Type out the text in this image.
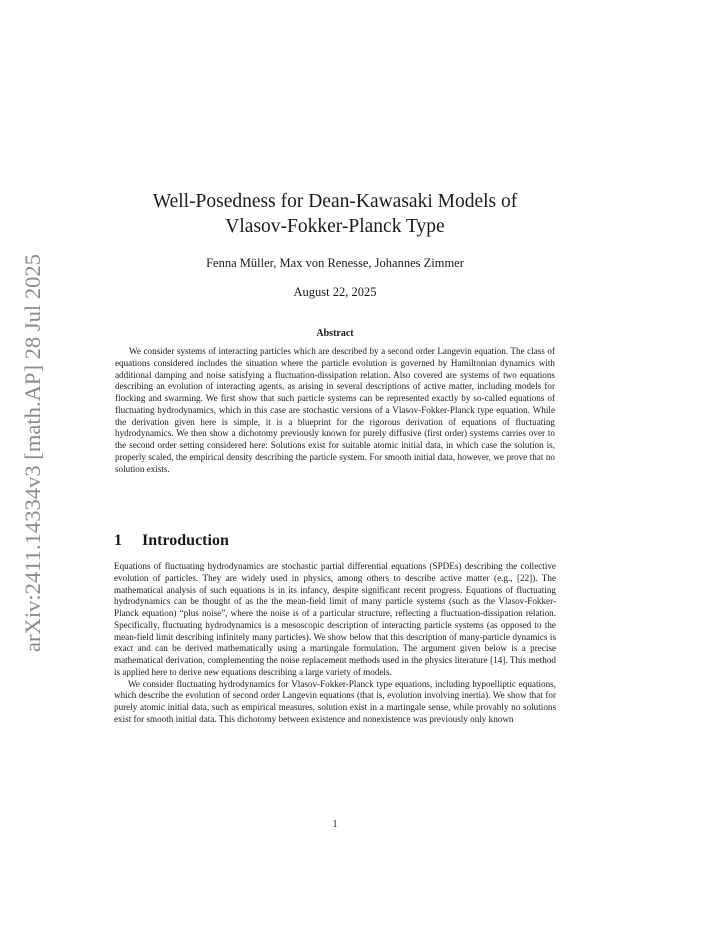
arXiv:2411.14334v3 [math.AP] 28 Jul 2025
Well-Posedness for Dean-Kawasaki Models of
Vlasov-Fokker-Planck Type
Fenna Müller, Max von Renesse, Johannes Zimmer
August 22, 2025
Abstract

We consider systems of interacting particles which are described by a second order Langevin equation. The class of equations considered includes the situation where the particle evolution is governed by Hamiltonian dynamics with additional damping and noise satisfying a fluctuation-dissipation relation. Also covered are systems of two equations describing an evolution of interacting agents, as arising in several descriptions of active matter, including models for flocking and swarming. We first show that such particle systems can be represented exactly by so-called equations of fluctuating hydrodynamics, which in this case are stochastic versions of a Vlasov-Fokker-Planck type equation. While the derivation given here is simple, it is a blueprint for the rigorous derivation of equations of fluctuating hydrodynamics. We then show a dichotomy previously known for purely diffusive (first order) systems carries over to the second order setting considered here: Solutions exist for suitable atomic initial data, in which case the solution is, properly scaled, the empirical density describing the particle system. For smooth initial data, however, we prove that no solution exists.

1 Introduction

Equations of fluctuating hydrodynamics are stochastic partial differential equations (SPDEs) describing the collective evolution of particles. They are widely used in physics, among others to describe active matter (e.g., [22]). The mathematical analysis of such equations is in its infancy, despite significant recent progress. Equations of fluctuating hydrodynamics can be thought of as the the mean-field limit of many particle systems (such as the Vlasov-Fokker-Planck equation) “plus noise”, where the noise is of a particular structure, reflecting a fluctuation-dissipation relation. Specifically, fluctuating hydrodynamics is a mesoscopic description of interacting particle systems (as opposed to the mean-field limit describing infinitely many particles). We show below that this description of many-particle dynamics is exact and can be derived mathematically using a martingale formulation. The argument given below is a precise mathematical derivation, complementing the noise replacement methods used in the physics literature [14]. This method is applied here to derive new equations describing a large variety of models.

We consider fluctuating hydrodynamics for Vlasov-Fokker-Planck type equations, including hypoelliptic equations, which describe the evolution of second order Langevin equations (that is, evolution involving inertia). We show that for purely atomic initial data, such as empirical measures, solution exist in a martingale sense, while provably no solutions exist for smooth initial data. This dichotomy between existence and nonexistence was previously only known

1
